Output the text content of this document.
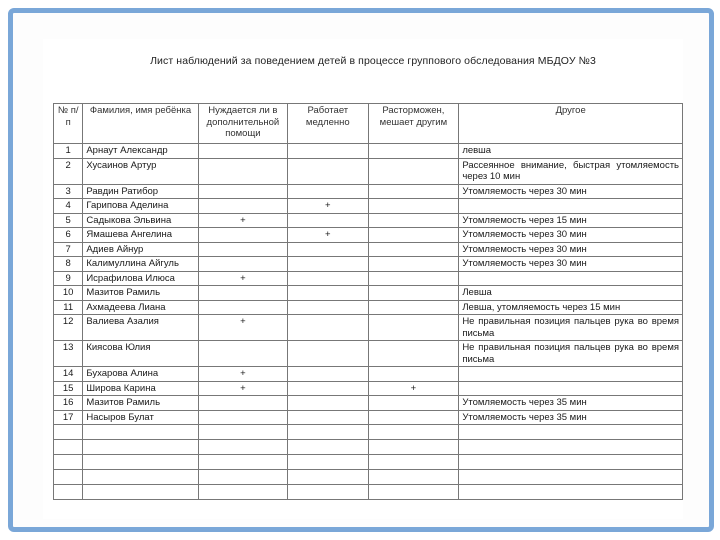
Лист наблюдений за поведением детей в процессе группового обследования МБДОУ №3
№ п/п	Фамилия, имя ребёнка	Нуждается ли в дополнительной помощи	Работает медленно	Расторможен, мешает другим	Другое
1	Арнаут Александр				левша
2	Хусаинов Артур				Рассеянное внимание, быстрая утомляемость через 10 мин
3	Равдин Ратибор				Утомляемость через 30 мин
4	Гарипова Аделина		+		
5	Садыкова Эльвина	+			Утомляемость через 15 мин
6	Ямашева Ангелина		+		Утомляемость через 30 мин
7	Адиев Айнур				Утомляемость через 30 мин
8	Калимуллина Айгуль				Утомляемость через 30 мин
9	Исрафилова Илюса	+			
10	Мазитов Рамиль				Левша
11	Ахмадеева Лиана				Левша, утомляемость через 15 мин
12	Валиева Азалия	+			Не правильная позиция пальцев рука во время письма
13	Киясова Юлия				Не правильная позиция пальцев рука во время письма
14	Бухарова Алина	+			
15	Широва Карина	+		+	
16	Мазитов Рамиль				Утомляемость через 35 мин
17	Насыров Булат				Утомляемость через 35 мин
